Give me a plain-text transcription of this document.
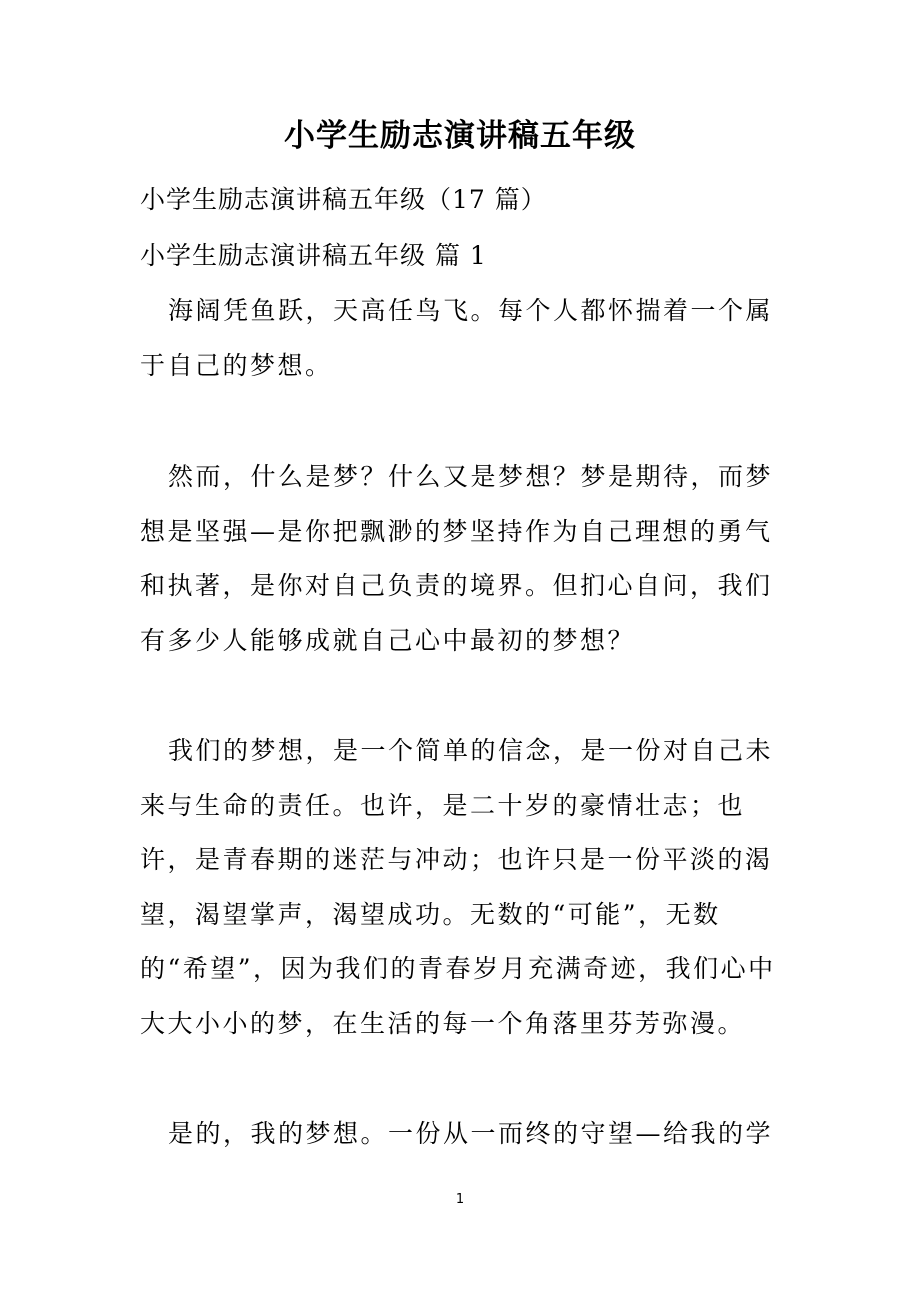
小学生励志演讲稿五年级
小学生励志演讲稿五年级（17 篇）
小学生励志演讲稿五年级 篇 1

海阔凭鱼跃，天高任鸟飞。每个人都怀揣着一个属于自己的梦想。

然而，什么是梦？什么又是梦想？梦是期待，而梦想是坚强—是你把飘渺的梦坚持作为自己理想的勇气和执著，是你对自己负责的境界。但扪心自问，我们有多少人能够成就自己心中最初的梦想？

我们的梦想，是一个简单的信念，是一份对自己未来与生命的责任。也许，是二十岁的豪情壮志；也许，是青春期的迷茫与冲动；也许只是一份平淡的渴望，渴望掌声，渴望成功。无数的“可能”，无数的“希望”，因为我们的青春岁月充满奇迹，我们心中大大小小的梦，在生活的每一个角落里芬芳弥漫。

是的，我的梦想。一份从一而终的守望—给我的学

1
